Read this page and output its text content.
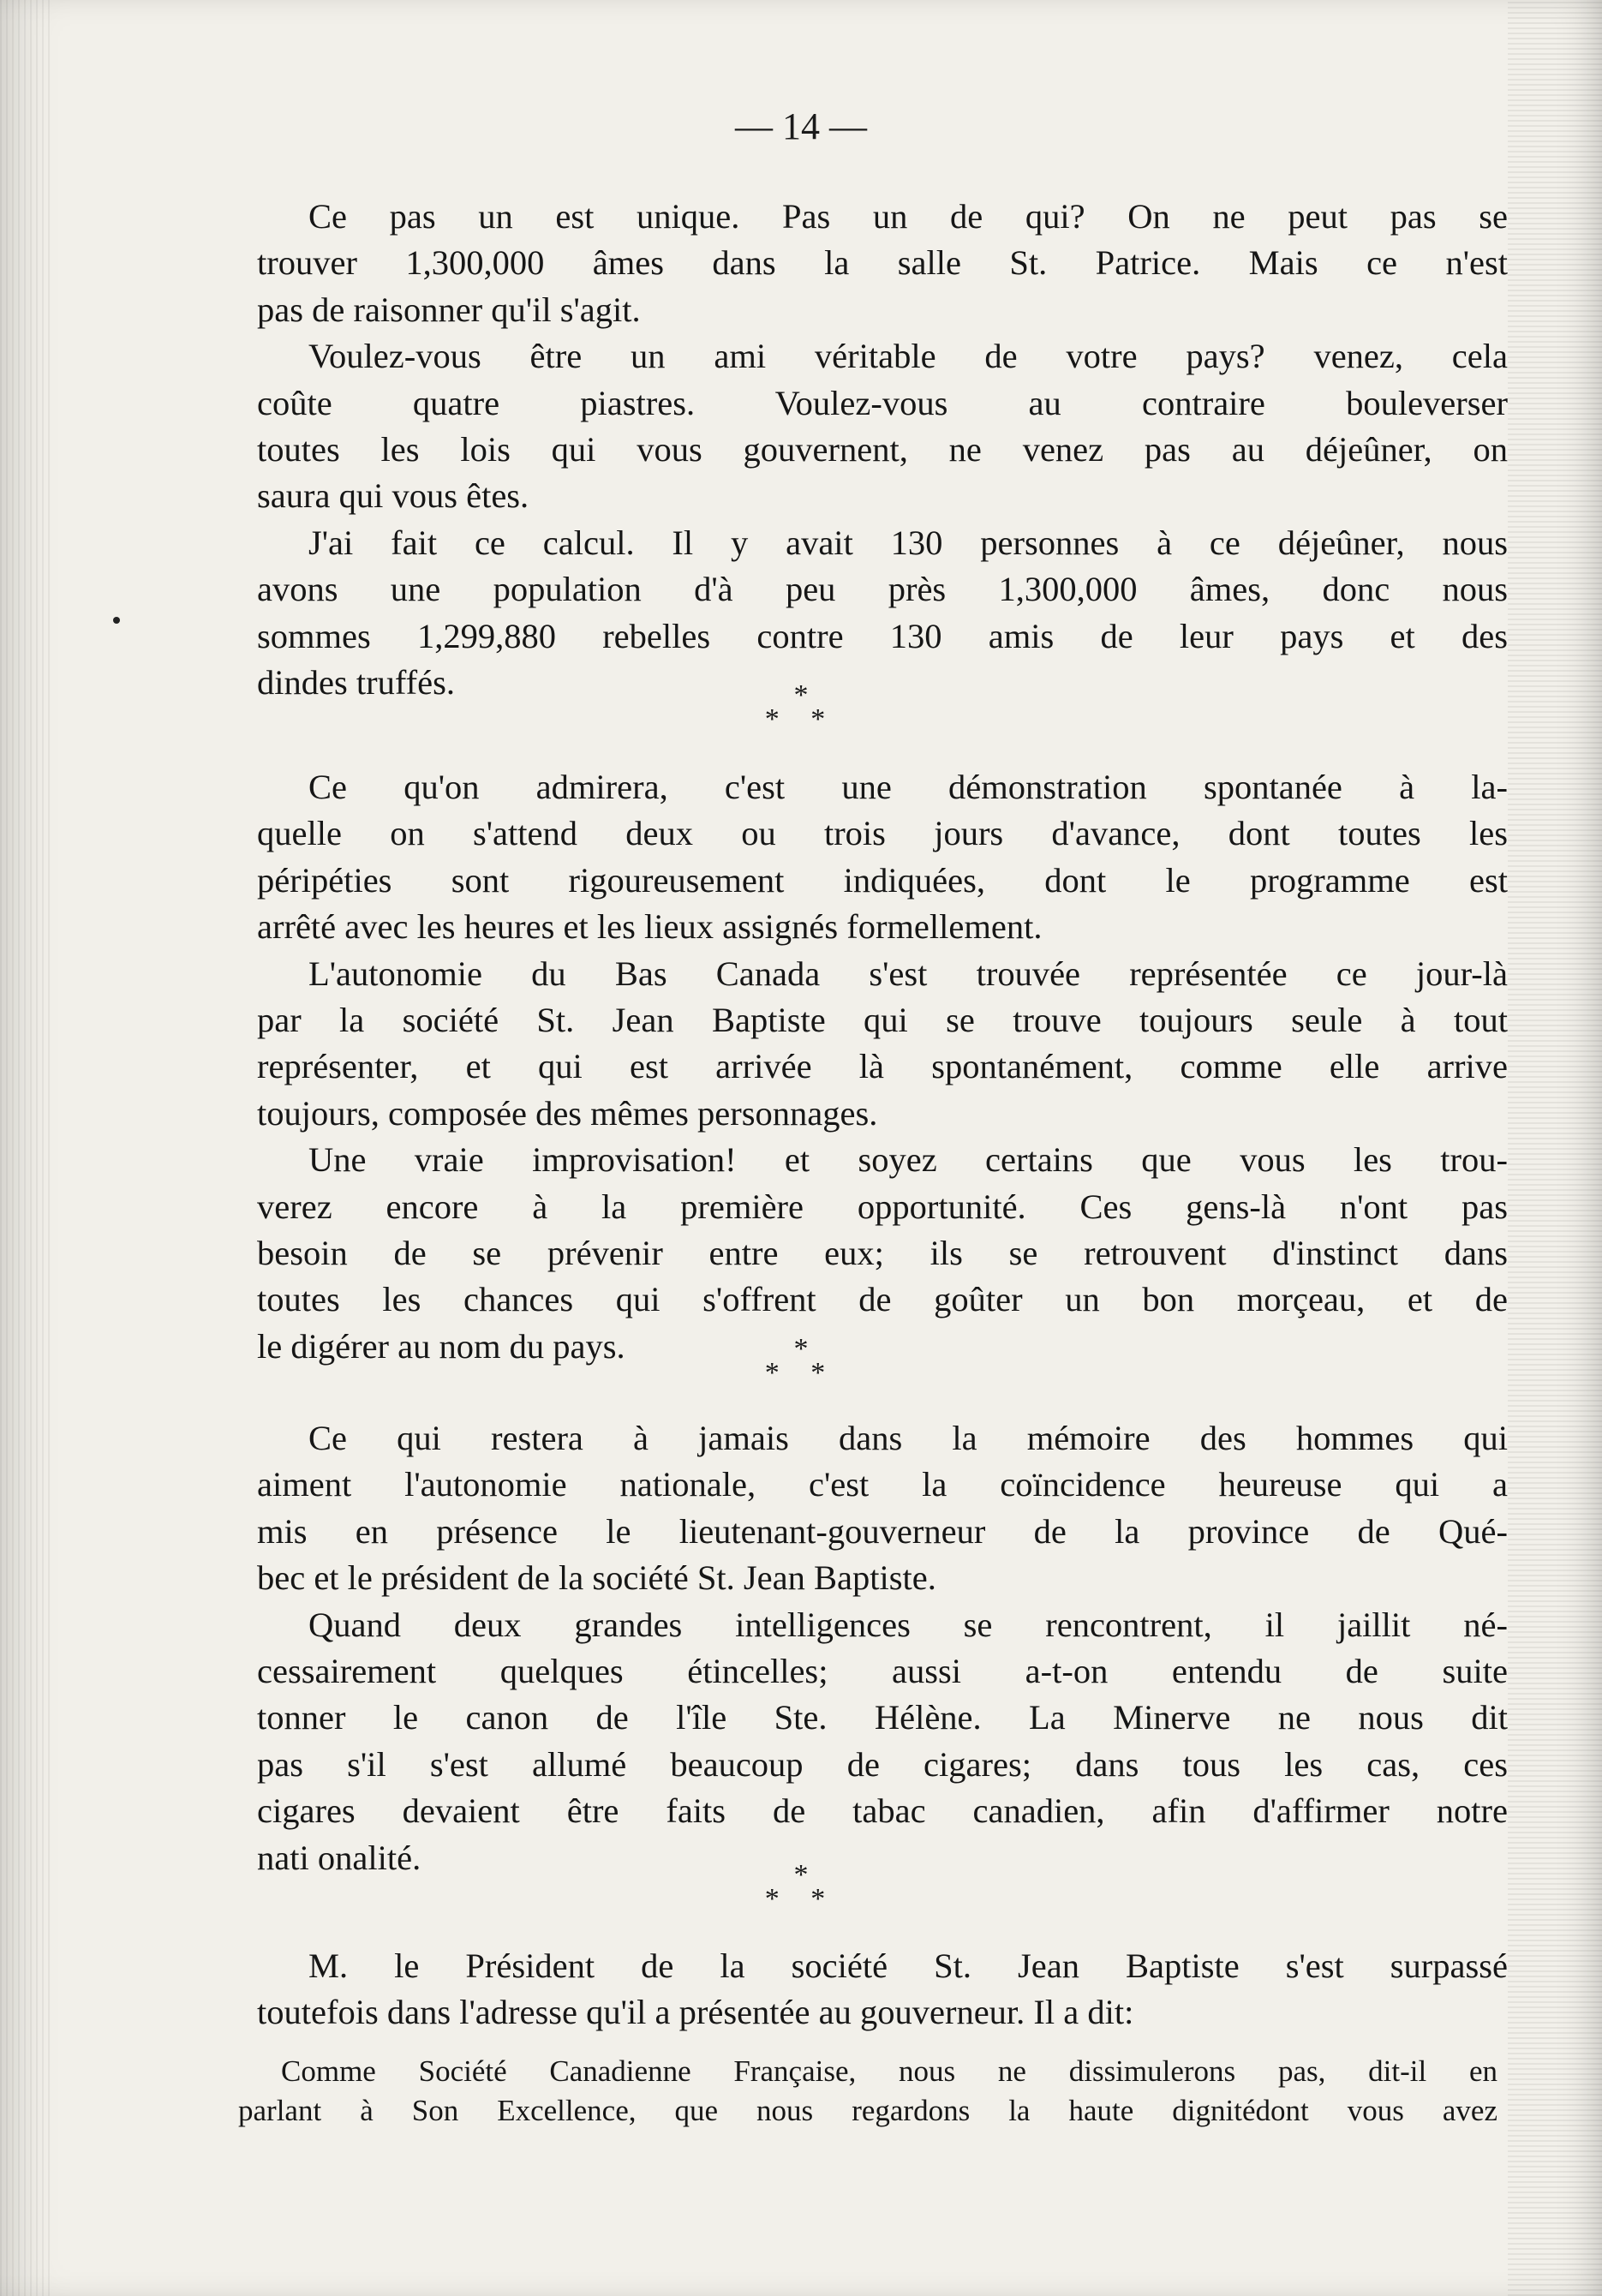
— 14 —

Ce pas un est unique. Pas un de qui? On ne peut pas se
trouver 1,300,000 âmes dans la salle St. Patrice. Mais ce n'est

pas de raisonner qu'il s'agit.

Voulez-vous être un ami véritable de votre pays? venez, cela
coûte quatre piastres. Voulez-vous au contraire bouleverser
toutes les lois qui vous gouvernent, ne venez pas au déjeûner, on

saura qui vous êtes.

J'ai fait ce calcul. Il y avait 130 personnes à ce déjeûner, nous
avons une population d'à peu près 1,300,000 âmes, donc nous
sommes 1,299,880 rebelles contre 130 amis de leur pays et des

dindes truffés.	*
* *

Ce qu'on admirera, c'est une démonstration spontanée à la-
quelle on s'attend deux ou trois jours d'avance, dont toutes les
péripéties sont rigoureusement indiquées, dont le programme est

arrêté avec les heures et les lieux assignés formellement.

L'autonomie du Bas Canada s'est trouvée représentée ce jour-là
par la société St. Jean Baptiste qui se trouve toujours seule à tout
représenter, et qui est arrivée là spontanément, comme elle arrive

toujours, composée des mêmes personnages.

Une vraie improvisation! et soyez certains que vous les trou-
verez encore à la première opportunité. Ces gens-là n'ont pas
besoin de se prévenir entre eux; ils se retrouvent d'instinct dans
toutes les chances qui s'offrent de goûter un bon morçeau, et de

le digérer au nom du pays.	*
* *

Ce qui restera à jamais dans la mémoire des hommes qui
aiment l'autonomie nationale, c'est la coïncidence heureuse qui a
mis en présence le lieutenant-gouverneur de la province de Qué-

bec et le président de la société St. Jean Baptiste.

Quand deux grandes intelligences se rencontrent, il jaillit né-
cessairement quelques étincelles; aussi a-t-on entendu de suite
tonner le canon de l'île Ste. Hélène. La Minerve ne nous dit
pas s'il s'est allumé beaucoup de cigares; dans tous les cas, ces
cigares devaient être faits de tabac canadien, afin d'affirmer notre

nati onalité.	*
* *

M. le Président de la société St. Jean Baptiste s'est surpassé

toutefois dans l'adresse qu'il a présentée au gouverneur. Il a dit:

Comme Société Canadienne Française, nous ne dissimulerons pas, dit-il en
parlant à Son Excellence, que nous regardons la haute dignitédont vous avez
